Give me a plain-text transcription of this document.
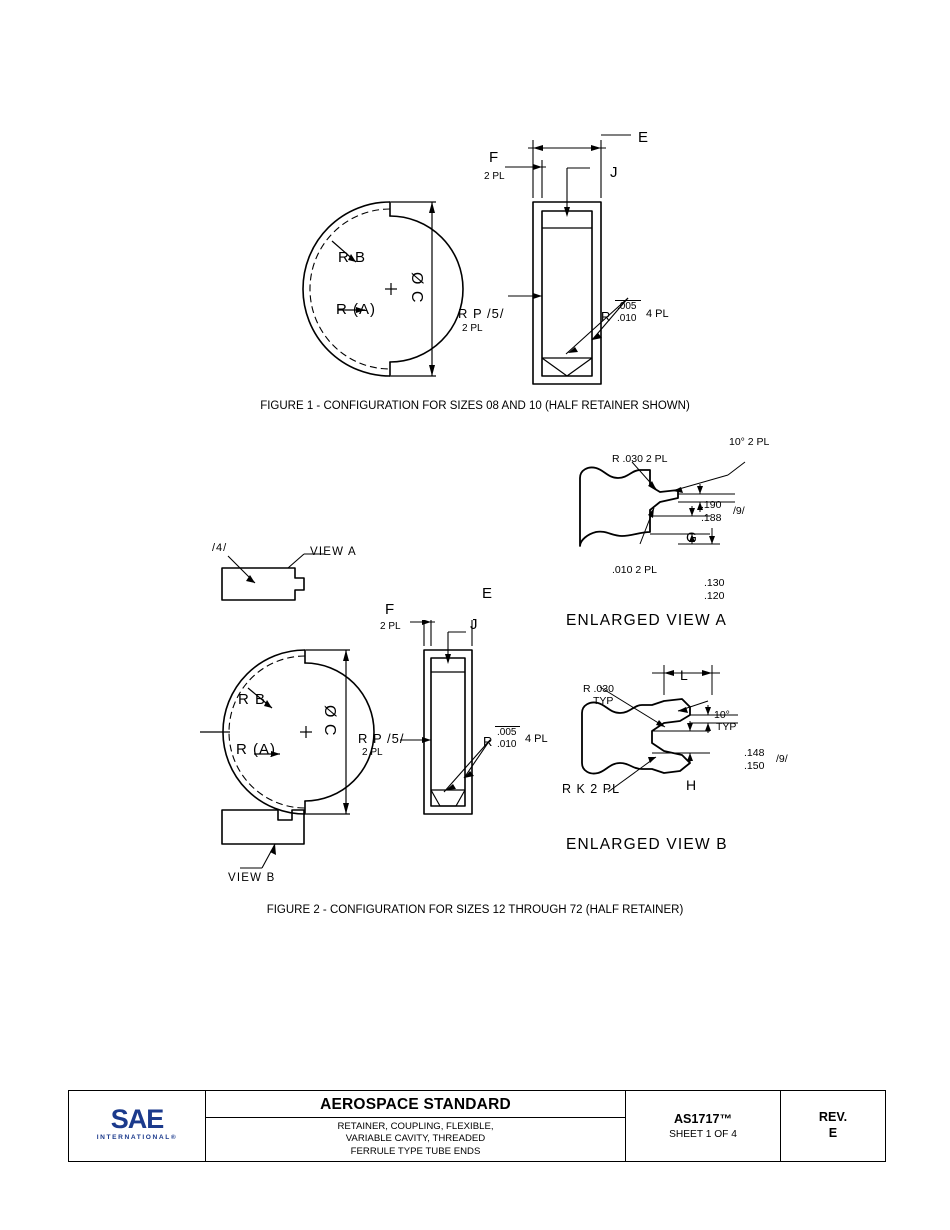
R B
R (A)
Ø C
E
F
2 PL	J
R P /5/
2 PL
R
.005
.010 4 PL
FIGURE 1 - CONFIGURATION FOR SIZES 08 AND 10 (HALF RETAINER SHOWN)
/4/	VIEW A
R B
R (A)
Ø C
E
F
2 PL	J
R P /5/
2 PL
R
.005
.010 4 PL
VIEW B
10° 2 PL
R .030 2 PL
.190
.188
/9/
G
.010 2 PL
.130
.120
ENLARGED VIEW A
L
R .030
TYP
10°
TYP
.148
.150
/9/
H
R K 2 PL
ENLARGED VIEW B
FIGURE 2 - CONFIGURATION FOR SIZES 12 THROUGH 72 (HALF RETAINER)
SAE
INTERNATIONAL®
AEROSPACE STANDARD
RETAINER, COUPLING, FLEXIBLE,
VARIABLE CAVITY, THREADED
FERRULE TYPE TUBE ENDS
AS1717™
SHEET 1 OF 4
REV.
E
